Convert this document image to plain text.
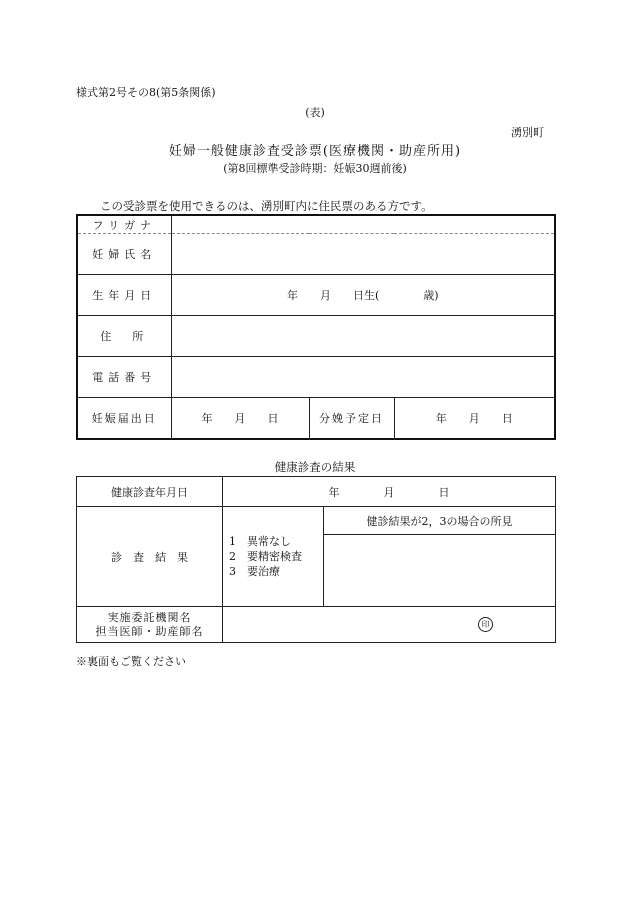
様式第2号その8(第5条関係)
(表)
湧別町
妊婦一般健康診査受診票(医療機関・助産所用)
(第8回標準受診時期：妊娠30週前後)
この受診票を使用できるのは、湧別町内に住民票のある方です。
フリガナ			
妊婦氏名			
生年月日	年　　月　　日生(　　　　歳)		
住　所			
電話番号			
妊娠届出日	年　　月　　日	分娩予定日	年　　月　　日
健康診査の結果
健康診査年月日	年　　　　月　　　　日	
診　査　結　果	1　異常なし
2　要精密検査
3　要治療	健診結果が2，3の場合の所見

実施委託機関名
担当医師・助産師名	印	
※裏面もご覧ください
